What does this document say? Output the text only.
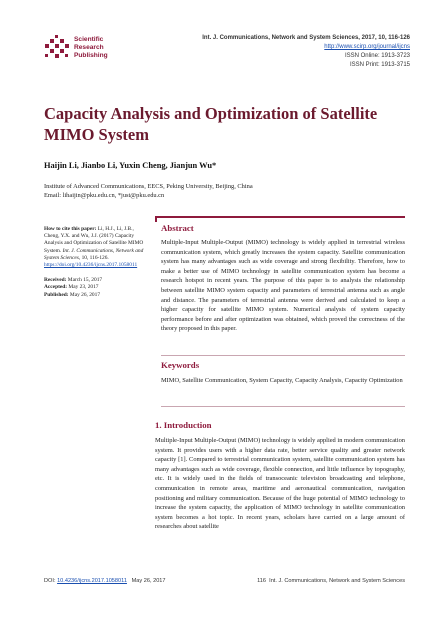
Scientific
Research
Publishing
Int. J. Communications, Network and System Sciences, 2017, 10, 116-126
http://www.scirp.org/journal/ijcns
ISSN Online: 1913-3723
ISSN Print: 1913-3715
Capacity Analysis and Optimization of Satellite MIMO System
Haijin Li, Jianbo Li, Yuxin Cheng, Jianjun Wu*
Institute of Advanced Communications, EECS, Peking University, Beijing, China
Email: lihaijin@pku.edu.cn, *just@pku.edu.cn
How to cite this paper: Li, H.J., Li, J.B., Cheng, Y.X. and Wu, J.J. (2017) Capacity Analysis and Optimization of Satellite MIMO System. Int. J. Communications, Network and System Sciences, 10, 116-126.
https://doi.org/10.4236/ijcns.2017.1058011
Received: March 15, 2017
Accepted: May 23, 2017
Published: May 26, 2017
Abstract
Multiple-Input Multiple-Output (MIMO) technology is widely applied in terrestrial wireless communication system, which greatly increases the system capacity. Satellite communication system has many advantages such as wide coverage and strong flexibility. Therefore, how to make a better use of MIMO technology in satellite communication system has become a research hotspot in recent years. The purpose of this paper is to analysis the relationship between satellite MIMO system capacity and parameters of terrestrial antenna such as angle and distance. The parameters of terrestrial antenna were derived and calculated to keep a higher capacity for satellite MIMO system. Numerical analysis of system capacity performance before and after optimization was obtained, which proved the correctness of the theory proposed in this paper.
Keywords
MIMO, Satellite Communication, System Capacity, Capacity Analysis, Capacity Optimization
1. Introduction
Multiple-Input Multiple-Output (MIMO) technology is widely applied in modern communication system. It provides users with a higher data rate, better service quality and greater network capacity [1]. Compared to terrestrial communication system, satellite communication system has many advantages such as wide coverage, flexible connection, and little influence by topography, etc. It is widely used in the fields of transoceanic television broadcasting and telephone, communication in remote areas, maritime and aeronautical communication, navigation positioning and military communication. Because of the huge potential of MIMO technology to increase the system capacity, the application of MIMO technology in satellite communication system becomes a hot topic. In recent years, scholars have carried on a large amount of researches about satellite
DOI: 10.4236/ijcns.2017.1058011 May 26, 2017	116 Int. J. Communications, Network and System Sciences
